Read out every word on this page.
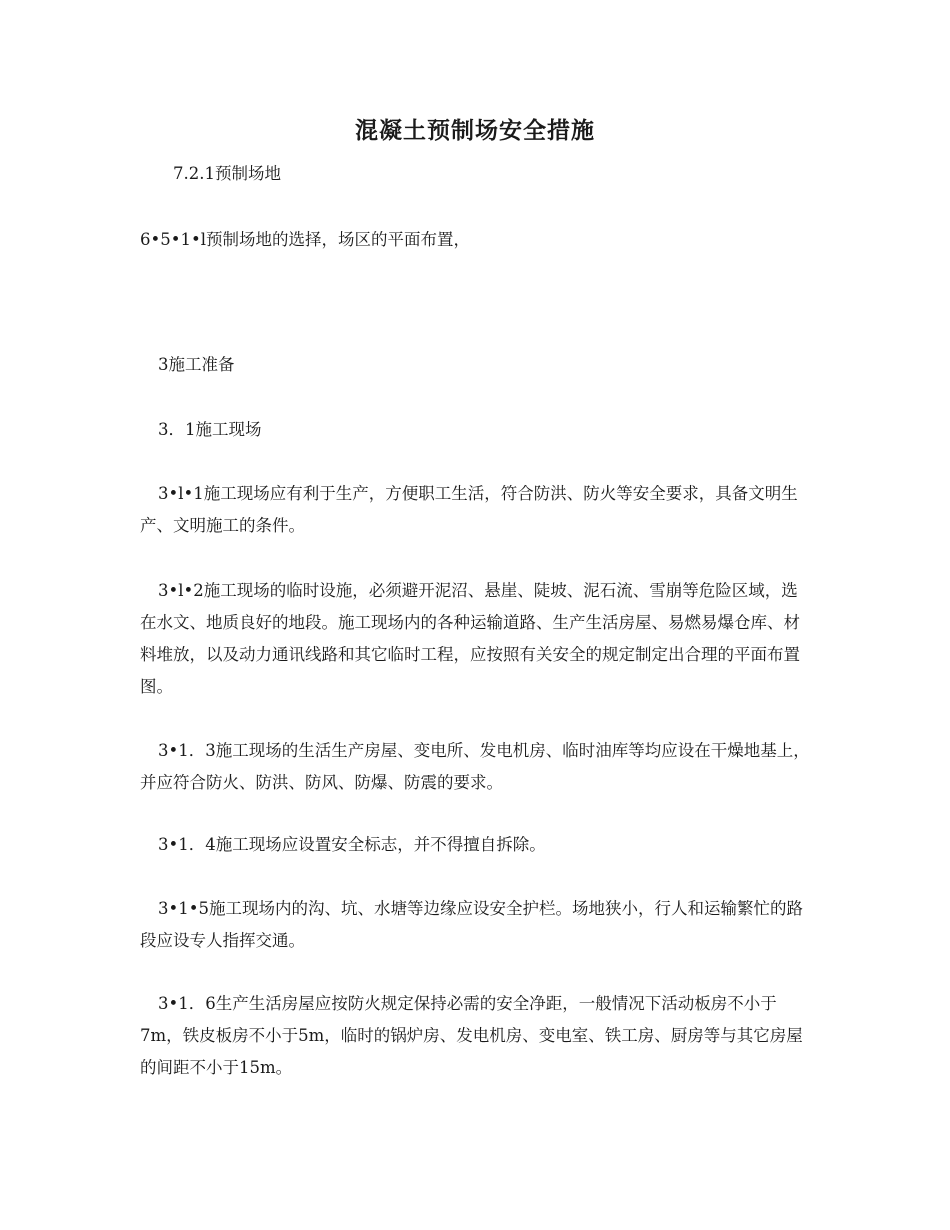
混凝土预制场安全措施

7.2.1预制场地

6•5•1•l预制场地的选择，场区的平面布置，

3施工准备

3．1施工现场

3•l•1施工现场应有利于生产，方便职工生活，符合防洪、防火等安全要求，具备文明生产、文明施工的条件。

3•l•2施工现场的临时设施，必须避开泥沼、悬崖、陡坡、泥石流、雪崩等危险区域，选在水文、地质良好的地段。施工现场内的各种运输道路、生产生活房屋、易燃易爆仓库、材料堆放，以及动力通讯线路和其它临时工程，应按照有关安全的规定制定出合理的平面布置图。

3•1．3施工现场的生活生产房屋、变电所、发电机房、临时油库等均应设在干燥地基上，并应符合防火、防洪、防风、防爆、防震的要求。

3•1．4施工现场应设置安全标志，并不得擅自拆除。

3•1•5施工现场内的沟、坑、水塘等边缘应设安全护栏。场地狭小，行人和运输繁忙的路段应设专人指挥交通。

3•1．6生产生活房屋应按防火规定保持必需的安全净距，一般情况下活动板房不小于7m，铁皮板房不小于5m，临时的锅炉房、发电机房、变电室、铁工房、厨房等与其它房屋的间距不小于15m。
